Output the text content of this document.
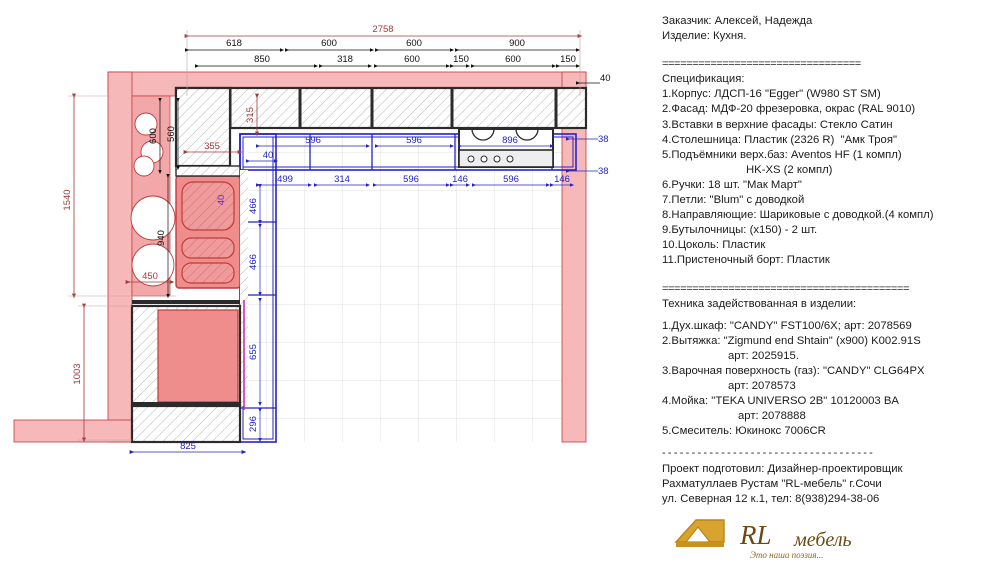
2758
618	600	600	900
850	318	600	150	600	150
1540
1003
600 560
940
450
355
315
40
40
596	596	896
499	314	596	146	596	146
466
466
655
296
40
38
38
825
Заказчик: Алексей, Надежда
Изделие: Кухня.
=================================
Спецификация:
1.Корпус: ЛДСП-16 "Egger" (W980 ST SM)
2.Фасад: МДФ-20 фрезеровка, окрас (RAL 9010)
3.Вставки в верхние фасады: Стекло Сатин
4.Столешница: Пластик (2326 R)  "Амк Троя"
5.Подъёмники верх.баз: Aventos HF (1 компл)
HK-XS (2 компл)
6.Ручки: 18 шт. "Мак Март"
7.Петли: "Blum" с доводкой
8.Направляющие: Шариковые с доводкой.(4 компл)
9.Бутылочницы: (х150) - 2 шт.
10.Цоколь: Пластик
11.Пристеночный борт: Пластик
=========================================
Техника задействованная в изделии:
1.Дух.шкаф: "CANDY" FST100/6X; арт: 2078569
2.Вытяжка: "Zigmund end Shtain" (x900) K002.91S
арт: 2025915.
3.Варочная поверхность (газ): "CANDY" CLG64PX
арт: 2078573
4.Мойка: "TEKA UNIVERSO 2B" 10120003 BA
арт: 2078888
5.Смеситель: Юкинокс 7006CR
- - - - - - - - - - - - - - - - - - - - - - - - - - - - - - - - - - - -
Проект подготовил: Дизайнер-проектировщик
Рахматуллаев Рустам "RL-мебель" г.Сочи
ул. Северная 12 к.1, тел: 8(938)294-38-06
RL мебель
Это наша поэзия...
